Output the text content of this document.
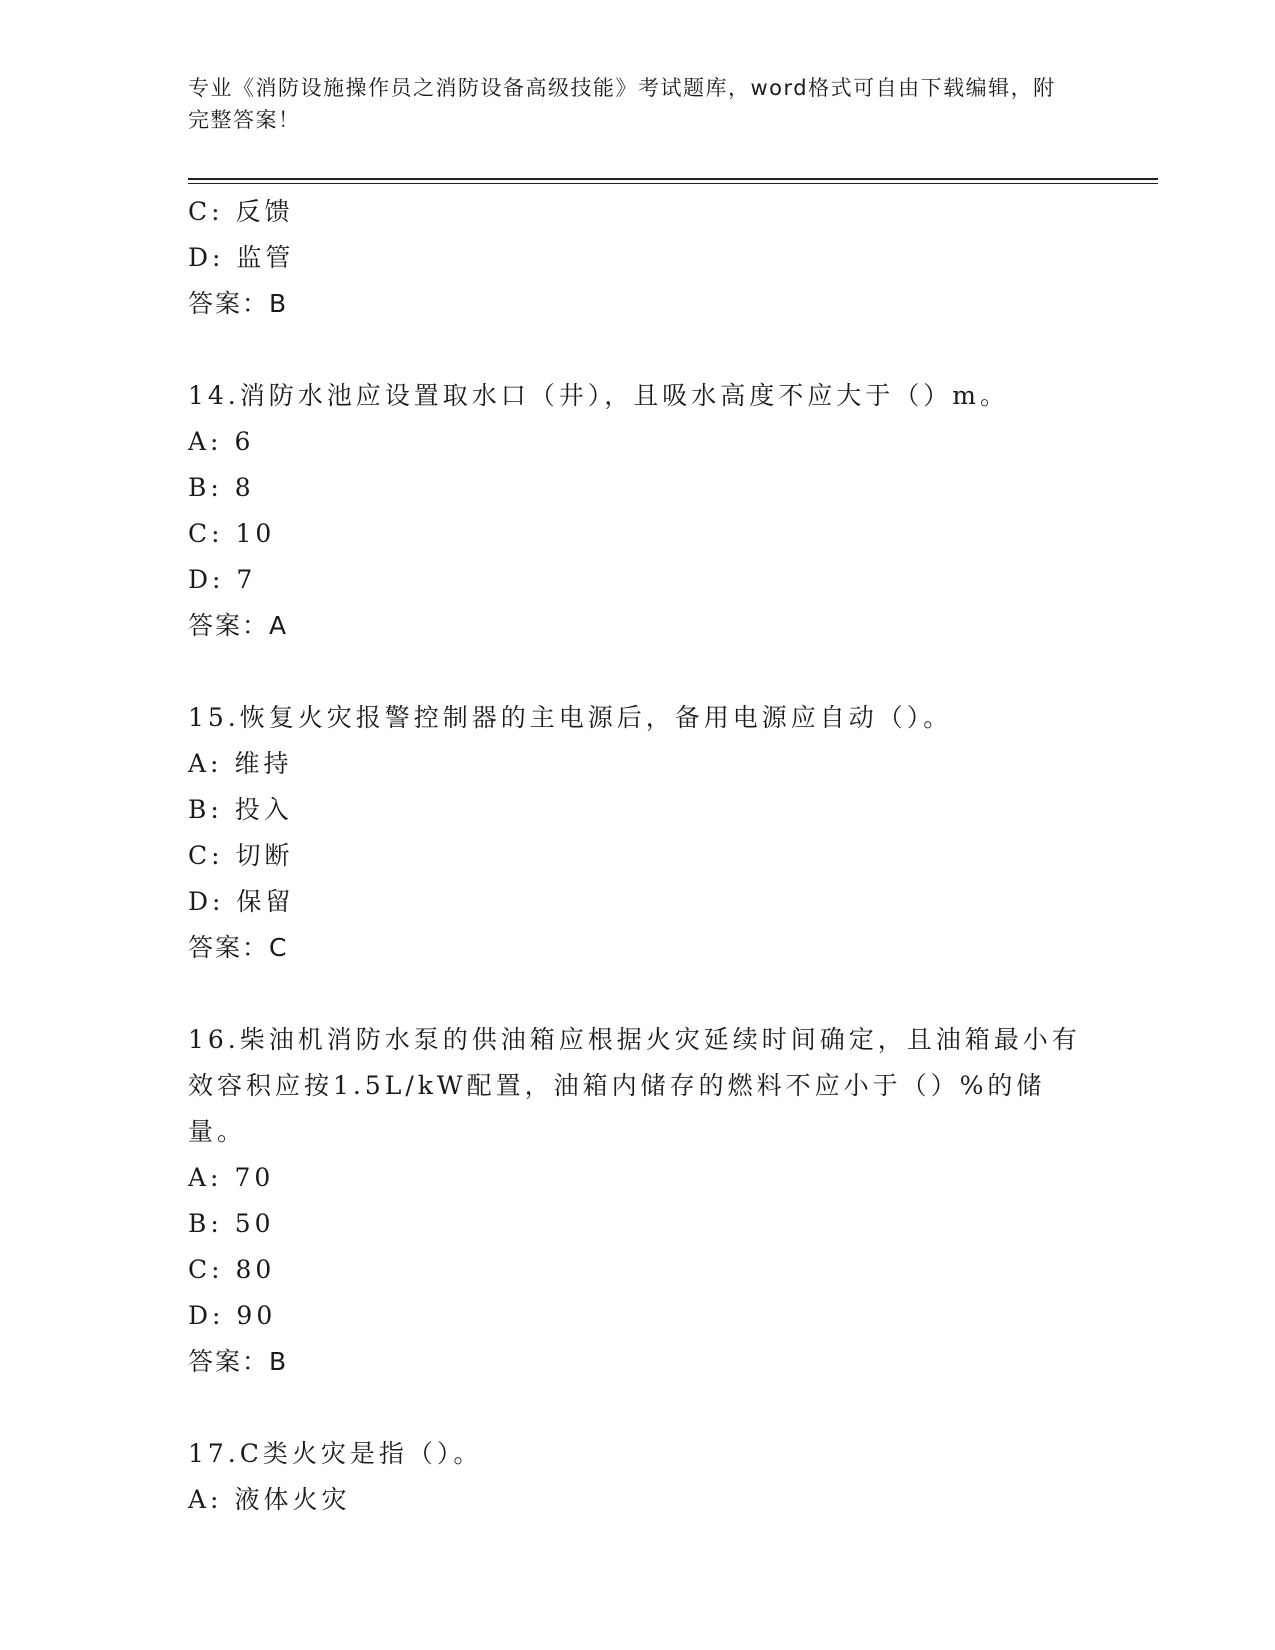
专业《消防设施操作员之消防设备高级技能》考试题库，word格式可自由下载编辑，附完整答案！
C: 反馈
D: 监管
答案：B
14.消防水池应设置取水口（井），且吸水高度不应大于（）m。
A: 6
B: 8
C: 10
D: 7
答案：A
15.恢复火灾报警控制器的主电源后，备用电源应自动（）。
A: 维持
B: 投入
C: 切断
D: 保留
答案：C
16.柴油机消防水泵的供油箱应根据火灾延续时间确定，且油箱最小有效容积应按1.5L/kW配置，油箱内储存的燃料不应小于（）%的储量。
A: 70
B: 50
C: 80
D: 90
答案：B
17.C类火灾是指（）。
A: 液体火灾
